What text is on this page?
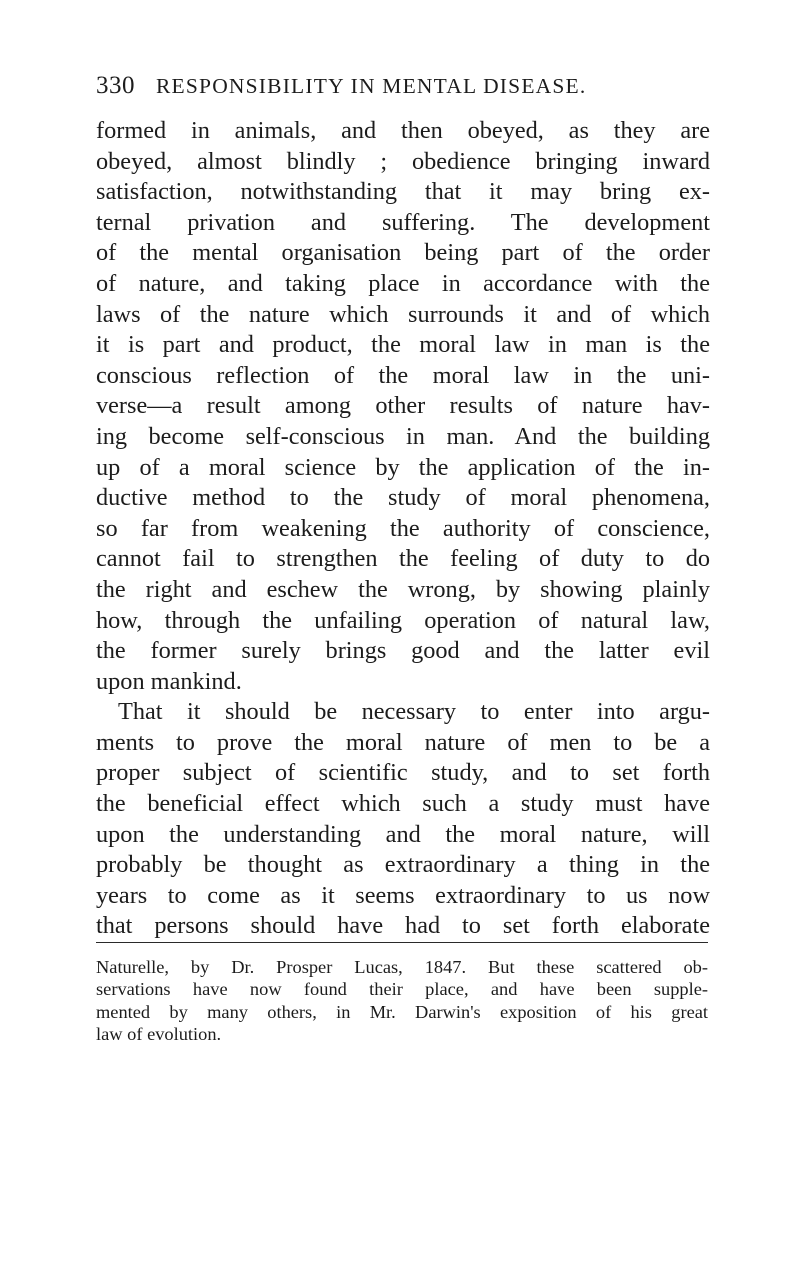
330 RESPONSIBILITY IN MENTAL DISEASE.
formed in animals, and then obeyed, as they are
obeyed, almost blindly ; obedience bringing inward
satisfaction, notwithstanding that it may bring ex-
ternal privation and suffering. The development
of the mental organisation being part of the order
of nature, and taking place in accordance with the
laws of the nature which surrounds it and of which
it is part and product, the moral law in man is the
conscious reflection of the moral law in the uni-
verse—a result among other results of nature hav-
ing become self-conscious in man. And the building
up of a moral science by the application of the in-
ductive method to the study of moral phenomena,
so far from weakening the authority of conscience,
cannot fail to strengthen the feeling of duty to do
the right and eschew the wrong, by showing plainly
how, through the unfailing operation of natural law,
the former surely brings good and the latter evil
upon mankind.
That it should be necessary to enter into argu-
ments to prove the moral nature of men to be a
proper subject of scientific study, and to set forth
the beneficial effect which such a study must have
upon the understanding and the moral nature, will
probably be thought as extraordinary a thing in the
years to come as it seems extraordinary to us now
that persons should have had to set forth elaborate
Naturelle, by Dr. Prosper Lucas, 1847. But these scattered ob-
servations have now found their place, and have been supple-
mented by many others, in Mr. Darwin's exposition of his great
law of evolution.
